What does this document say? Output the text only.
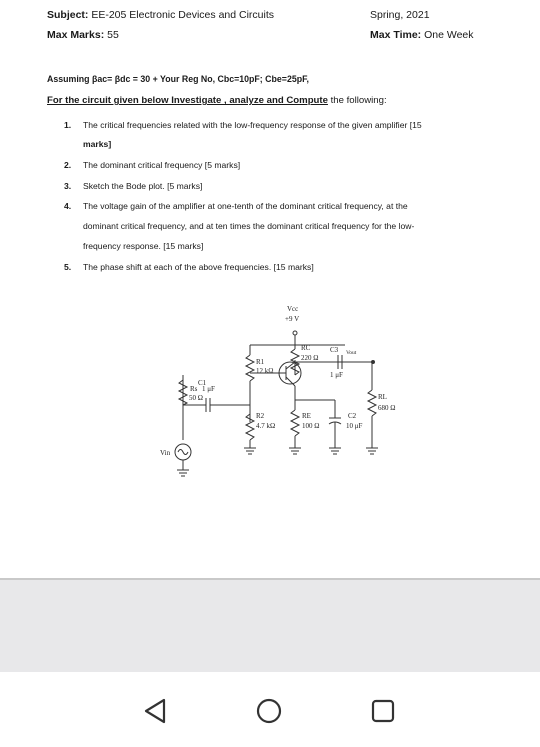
Subject: EE-205 Electronic Devices and Circuits	Spring, 2021
Max Marks: 55	Max Time: One Week
Assuming βac= βdc = 30 + Your Reg No, Cbc=10pF; Cbe=25pF,
For the circuit given below Investigate , analyze and Compute the following:
1. The critical frequencies related with the low-frequency response of the given amplifier [15
marks]
2. The dominant critical frequency [5 marks]
3. Sketch the Bode plot. [5 marks]
4. The voltage gain of the amplifier at one-tenth of the dominant critical frequency, at the
dominant critical frequency, and at ten times the dominant critical frequency for the low-
frequency response. [15 marks]
5. The phase shift at each of the above frequencies. [15 marks]
Vcc
+9 V
RC
220 Ω
C3 Vout
1 μF
R1
12 kΩ
C1
Rs 1 μF
50 Ω	RL
680 Ω
R2
4.7 kΩ
RE
100 Ω
C2
10 μF
Vin
